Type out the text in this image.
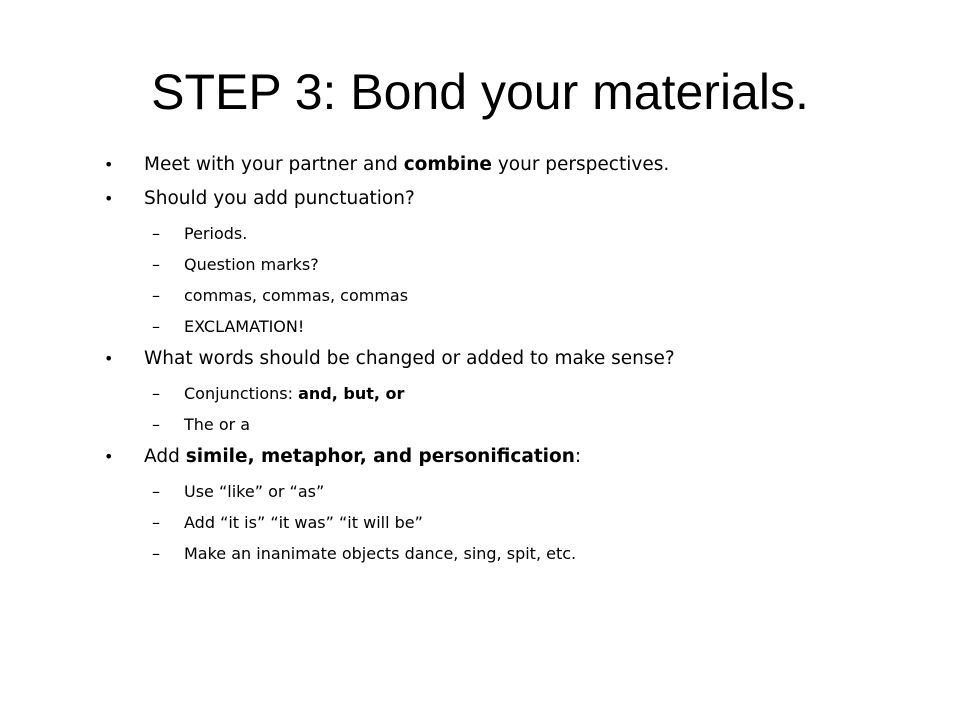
STEP 3: Bond your materials.
•	Meet with your partner and combine your perspectives.
•	Should you add punctuation?
– Periods.
– Question marks?
– commas, commas, commas
– EXCLAMATION!
•	What words should be changed or added to make sense?
– Conjunctions: and, but, or
– The or a
•	Add simile, metaphor, and personification:
– Use “like” or “as”
– Add “it is” “it was” “it will be”
– Make an inanimate objects dance, sing, spit, etc.
